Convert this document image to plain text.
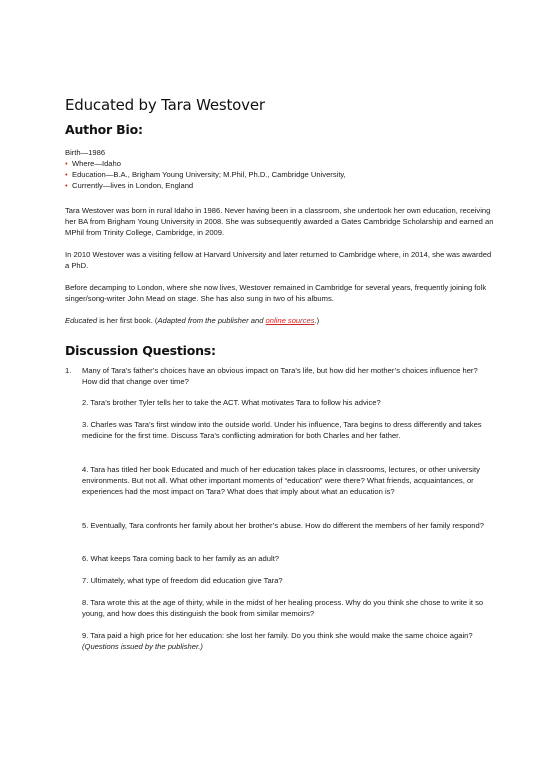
Educated by Tara Westover
Author Bio:

Birth—1986

• Where—Idaho
• Education—B.A., Brigham Young University; M.Phil, Ph.D., Cambridge University,
• Currently—lives in London, England

Tara Westover was born in rural Idaho in 1986. Never having been in a classroom, she undertook her own education, receiving her BA from Brigham Young University in 2008. She was subsequently awarded a Gates Cambridge Scholarship and earned an MPhil from Trinity College, Cambridge, in 2009.

In 2010 Westover was a visiting fellow at Harvard University and later returned to Cambridge where, in 2014, she was awarded a PhD.

Before decamping to London, where she now lives, Westover remained in Cambridge for several years, frequently joining folk singer/song-writer John Mead on stage. She has also sung in two of his albums.

Educated is her first book. (Adapted from the publisher and online sources.)

Discussion Questions:

1. Many of Tara’s father’s choices have an obvious impact on Tara’s life, but how did her mother’s choices influence her? How did that change over time?

2. Tara’s brother Tyler tells her to take the ACT. What motivates Tara to follow his advice?

3. Charles was Tara’s first window into the outside world. Under his influence, Tara begins to dress differently and takes medicine for the first time. Discuss Tara’s conflicting admiration for both Charles and her father.

4. Tara has titled her book Educated and much of her education takes place in classrooms, lectures, or other university environments. But not all. What other important moments of “education” were there? What friends, acquaintances, or experiences had the most impact on Tara? What does that imply about what an education is?

5. Eventually, Tara confronts her family about her brother’s abuse. How do different the members of her family respond?

6. What keeps Tara coming back to her family as an adult?

7. Ultimately, what type of freedom did education give Tara?

8. Tara wrote this at the age of thirty, while in the midst of her healing process. Why do you think she chose to write it so young, and how does this distinguish the book from similar memoirs?

9. Tara paid a high price for her education: she lost her family. Do you think she would make the same choice again?
(Questions issued by the publisher.)
